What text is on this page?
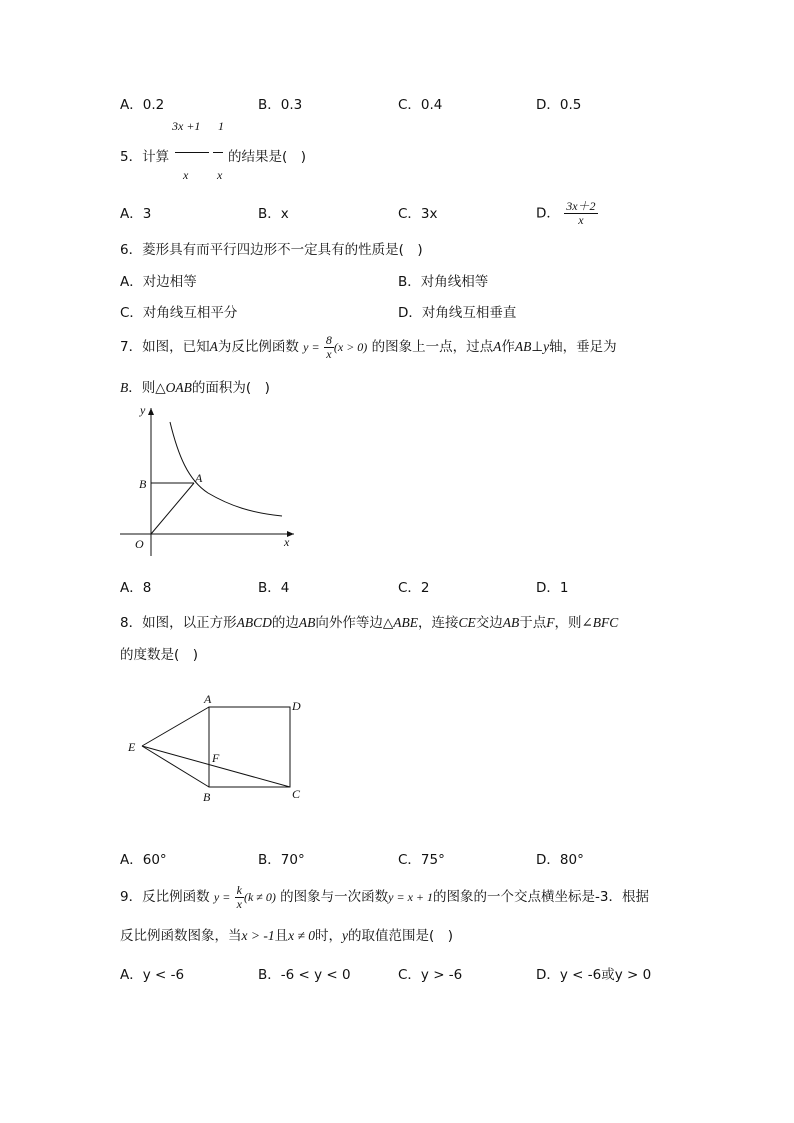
A．0.2	B．0.3	C．0.4	D．0.5
3x +1 1
5．计算	的结果是(　)
x x
A．3	B．x	C．3x	D． $\frac{3x+2}{x}$
6．菱形具有而平行四边形不一定具有的性质是(　)
A．对边相等	B．对角线相等
C．对角线互相平分	D．对角线互相垂直
7．如图，已知A为反比例函数 $y = \frac{8}{x} (x > 0)$ 的图象上一点，过点A作AB⊥y轴，垂足为
B．则△OAB的面积为(　)
y
x
O
A
B
A．8	B．4	C．2	D．1
8．如图，以正方形ABCD的边AB向外作等边△ABE，连接CE交边AB于点F，则∠BFC
的度数是(　)
A	D
E
F
B	C
A．60°	B．70°	C．75°	D．80°
9．反比例函数 $y = \frac{k}{x} (k \ne 0)$ 的图象与一次函数y = x + 1的图象的一个交点横坐标是-3．根据
反比例函数图象，当x > -1且x ≠ 0时，y的取值范围是(　)
A．y < -6	B．-6 < y < 0	C．y > -6	D．y < -6或y > 0
